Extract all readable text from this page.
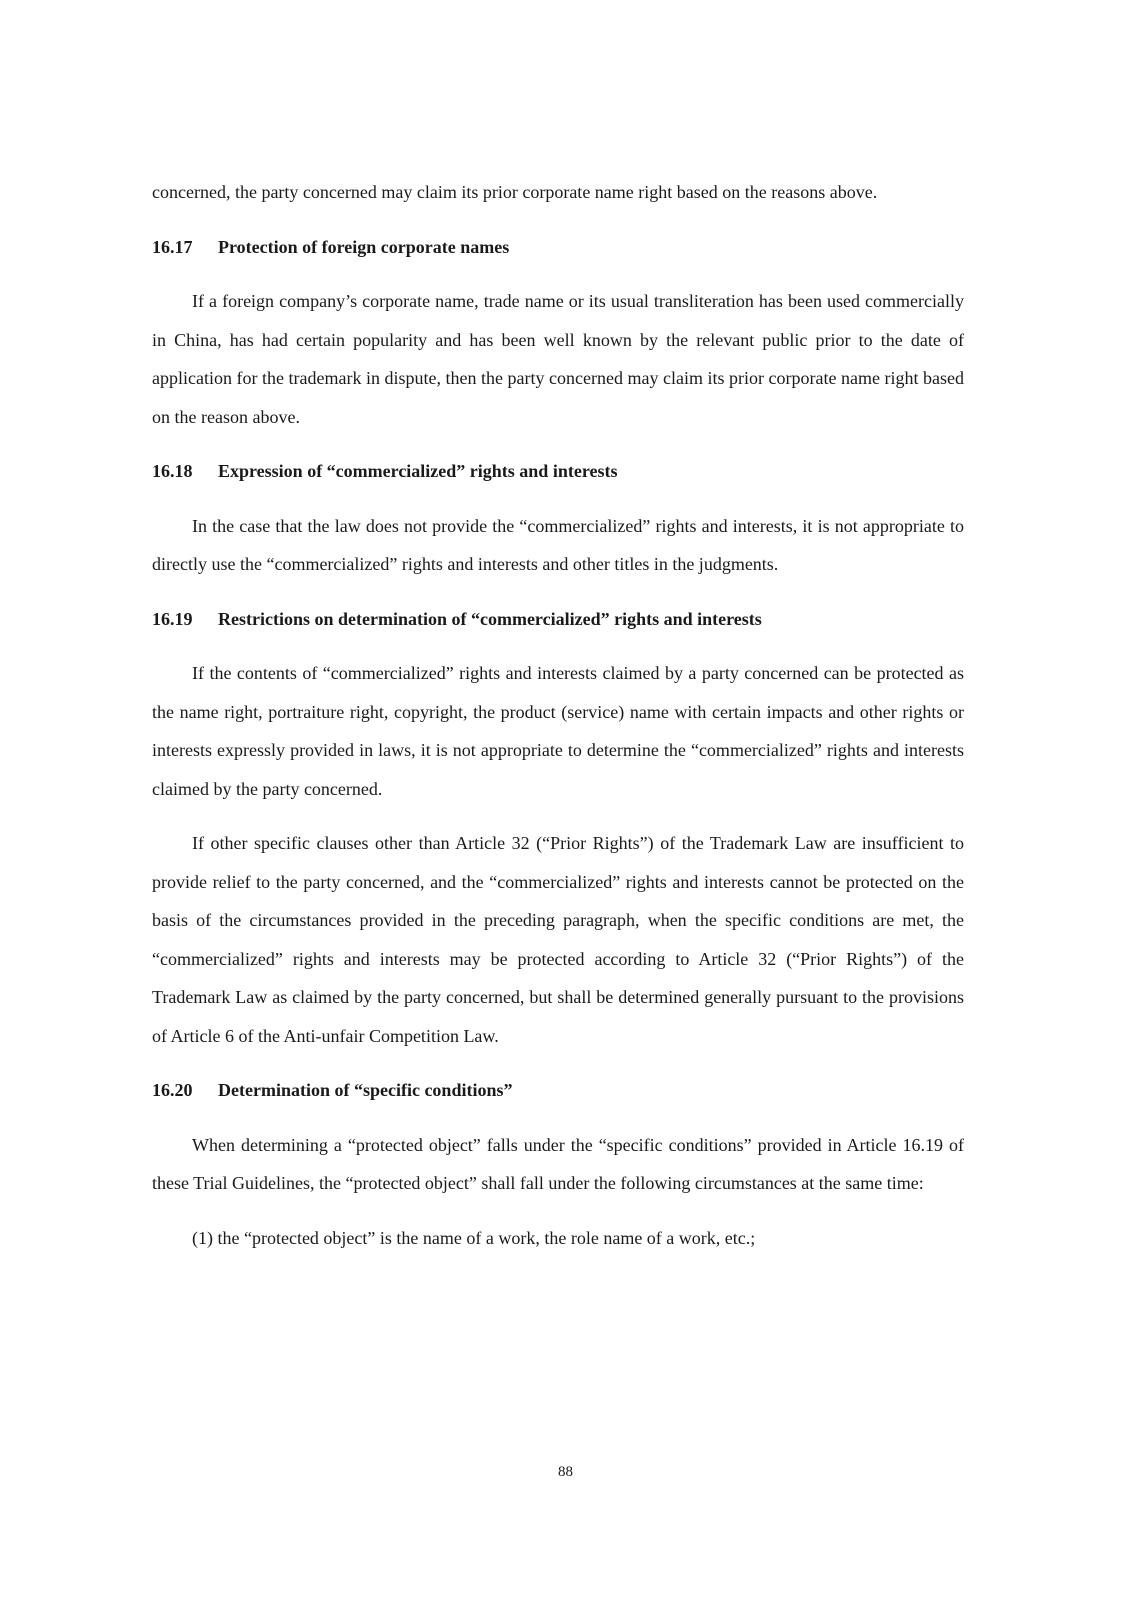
concerned, the party concerned may claim its prior corporate name right based on the reasons above.

16.17 Protection of foreign corporate names

If a foreign company’s corporate name, trade name or its usual transliteration has been used commercially in China, has had certain popularity and has been well known by the relevant public prior to the date of application for the trademark in dispute, then the party concerned may claim its prior corporate name right based on the reason above.

16.18 Expression of “commercialized” rights and interests

In the case that the law does not provide the “commercialized” rights and interests, it is not appropriate to directly use the “commercialized” rights and interests and other titles in the judgments.

16.19 Restrictions on determination of “commercialized” rights and interests

If the contents of “commercialized” rights and interests claimed by a party concerned can be protected as the name right, portraiture right, copyright, the product (service) name with certain impacts and other rights or interests expressly provided in laws, it is not appropriate to determine the “commercialized” rights and interests claimed by the party concerned.

If other specific clauses other than Article 32 (“Prior Rights”) of the Trademark Law are insufficient to provide relief to the party concerned, and the “commercialized” rights and interests cannot be protected on the basis of the circumstances provided in the preceding paragraph, when the specific conditions are met, the “commercialized” rights and interests may be protected according to Article 32 (“Prior Rights”) of the Trademark Law as claimed by the party concerned, but shall be determined generally pursuant to the provisions of Article 6 of the Anti-unfair Competition Law.

16.20 Determination of “specific conditions”

When determining a “protected object” falls under the “specific conditions” provided in Article 16.19 of these Trial Guidelines, the “protected object” shall fall under the following circumstances at the same time:

(1) the “protected object” is the name of a work, the role name of a work, etc.;

88
